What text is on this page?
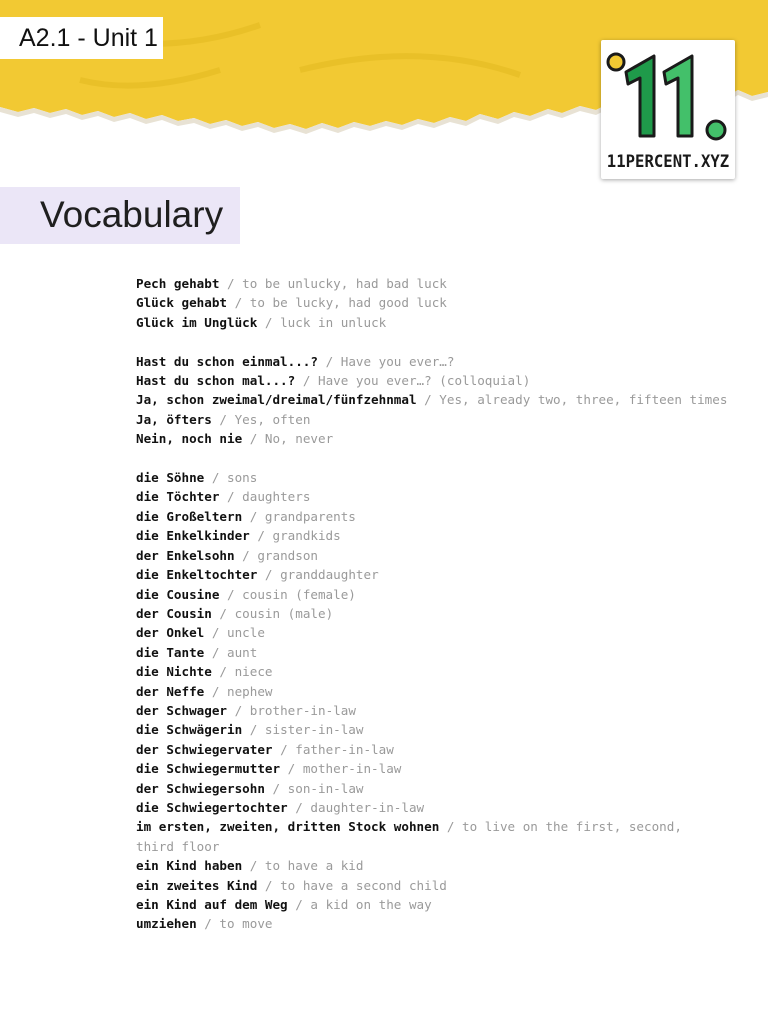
A2.1 - Unit 1
11PERCENT.XYZ
Vocabulary
Pech gehabt / to be unlucky, had bad luck
Glück gehabt / to be lucky, had good luck
Glück im Unglück / luck in unluck
Hast du schon einmal...? / Have you ever…?
Hast du schon mal...? / Have you ever…? (colloquial)
Ja, schon zweimal/dreimal/fünfzehnmal / Yes, already two, three, fifteen times
Ja, öfters / Yes, often
Nein, noch nie / No, never
die Söhne / sons
die Töchter / daughters
die Großeltern / grandparents
die Enkelkinder / grandkids
der Enkelsohn / grandson
die Enkeltochter / granddaughter
die Cousine / cousin (female)
der Cousin / cousin (male)
der Onkel / uncle
die Tante / aunt
die Nichte / niece
der Neffe / nephew
der Schwager / brother-in-law
die Schwägerin / sister-in-law
der Schwiegervater / father-in-law
die Schwiegermutter / mother-in-law
der Schwiegersohn / son-in-law
die Schwiegertochter / daughter-in-law
im ersten, zweiten, dritten Stock wohnen / to live on the first, second,
third floor
ein Kind haben / to have a kid
ein zweites Kind / to have a second child
ein Kind auf dem Weg / a kid on the way
umziehen / to move
